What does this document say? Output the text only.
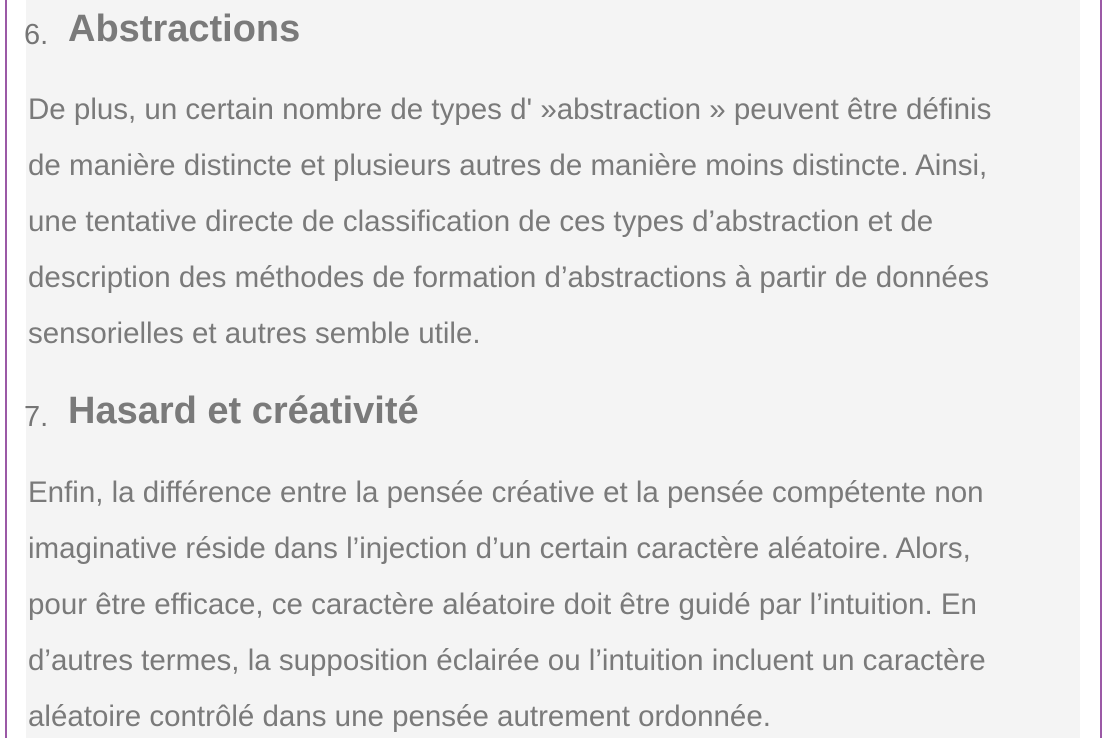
6. Abstractions
De plus, un certain nombre de types d' »abstraction » peuvent être définis
de manière distincte et plusieurs autres de manière moins distincte. Ainsi,
une tentative directe de classification de ces types d’abstraction et de
description des méthodes de formation d’abstractions à partir de données
sensorielles et autres semble utile.
7. Hasard et créativité
Enfin, la différence entre la pensée créative et la pensée compétente non
imaginative réside dans l’injection d’un certain caractère aléatoire. Alors,
pour être efficace, ce caractère aléatoire doit être guidé par l’intuition. En
d’autres termes, la supposition éclairée ou l’intuition incluent un caractère
aléatoire contrôlé dans une pensée autrement ordonnée.
